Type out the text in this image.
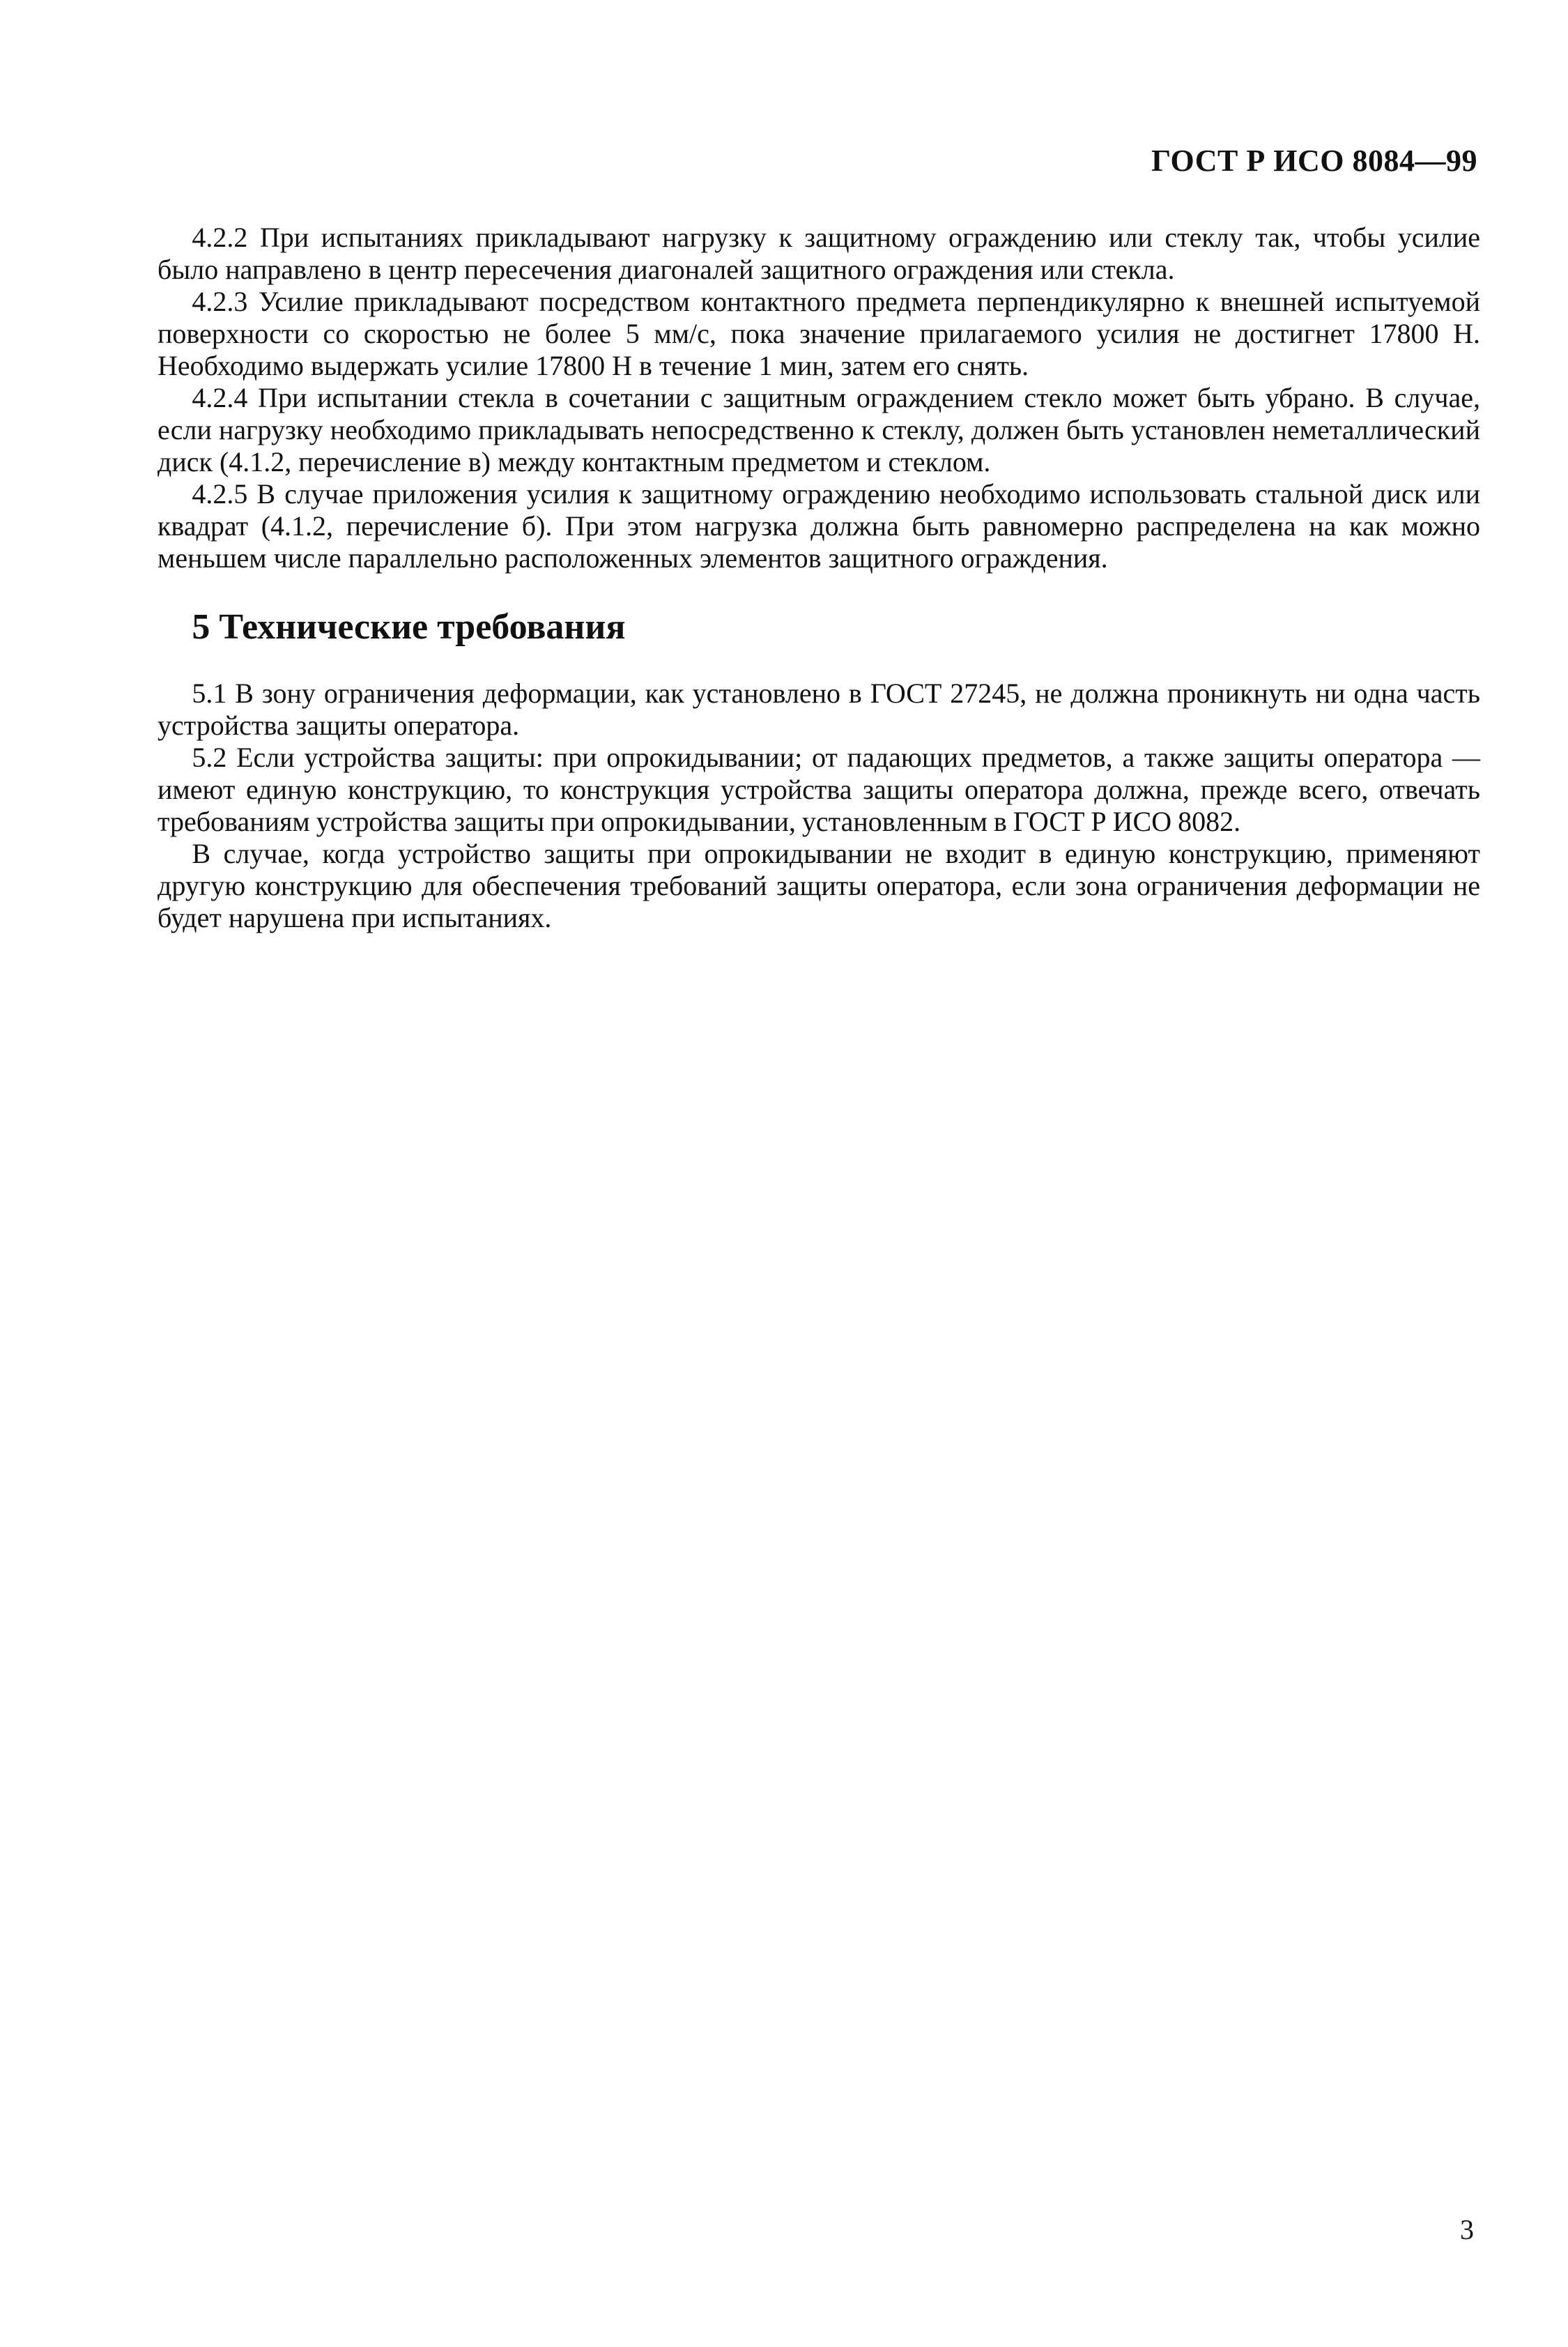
ГОСТ Р ИСО 8084—99

4.2.2 При испытаниях прикладывают нагрузку к защитному ограждению или стеклу так, чтобы усилие было направлено в центр пересечения диагоналей защитного ограждения или стекла.

4.2.3 Усилие прикладывают посредством контактного предмета перпендикулярно к внешней испытуемой поверхности со скоростью не более 5 мм/с, пока значение прилагаемого усилия не достигнет 17800 Н. Необходимо выдержать усилие 17800 Н в течение 1 мин, затем его снять.

4.2.4 При испытании стекла в сочетании с защитным ограждением стекло может быть убрано. В случае, если нагрузку необходимо прикладывать непосредственно к стеклу, должен быть установлен неметаллический диск (4.1.2, перечисление в) между контактным предметом и стеклом.

4.2.5 В случае приложения усилия к защитному ограждению необходимо использовать стальной диск или квадрат (4.1.2, перечисление б). При этом нагрузка должна быть равномерно распределена на как можно меньшем числе параллельно расположенных элементов защитного ограждения.

5 Технические требования

5.1 В зону ограничения деформации, как установлено в ГОСТ 27245, не должна проникнуть ни одна часть устройства защиты оператора.

5.2 Если устройства защиты: при опрокидывании; от падающих предметов, а также защиты оператора — имеют единую конструкцию, то конструкция устройства защиты оператора должна, прежде всего, отвечать требованиям устройства защиты при опрокидывании, установленным в ГОСТ Р ИСО 8082.

В случае, когда устройство защиты при опрокидывании не входит в единую конструкцию, применяют другую конструкцию для обеспечения требований защиты оператора, если зона ограничения деформации не будет нарушена при испытаниях.

3
